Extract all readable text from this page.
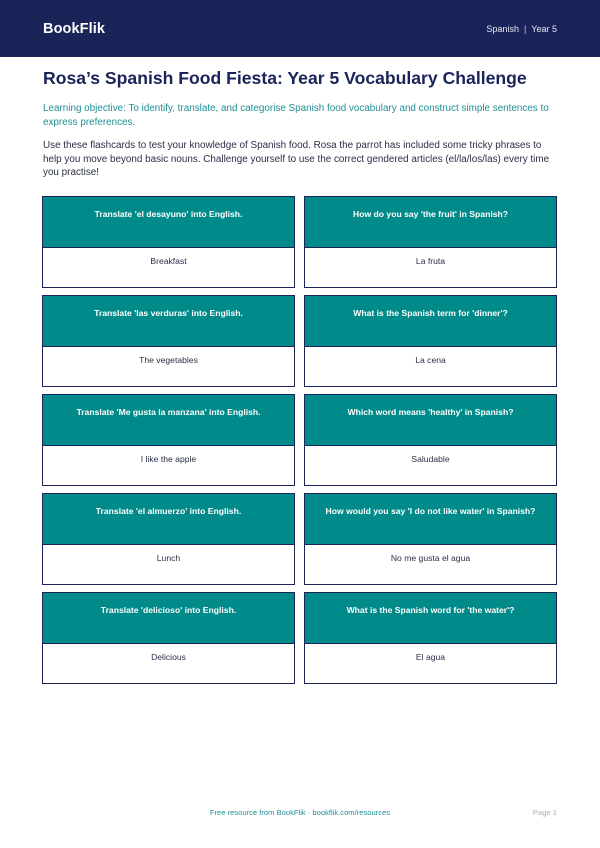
BookFlik	Spanish | Year 5
Rosa’s Spanish Food Fiesta: Year 5 Vocabulary Challenge

Learning objective: To identify, translate, and categorise Spanish food vocabulary and construct simple sentences to express preferences.

Use these flashcards to test your knowledge of Spanish food. Rosa the parrot has included some tricky phrases to help you move beyond basic nouns. Challenge yourself to use the correct gendered articles (el/la/los/las) every time you practise!

Translate 'el desayuno' into English.
Breakfast
How do you say 'the fruit' in Spanish?
La fruta
Translate 'las verduras' into English.
The vegetables
What is the Spanish term for 'dinner'?
La cena
Translate 'Me gusta la manzana' into English.
I like the apple
Which word means 'healthy' in Spanish?
Saludable
Translate 'el almuerzo' into English.
Lunch
How would you say 'I do not like water' in Spanish?
No me gusta el agua
Translate 'delicioso' into English.
Delicious
What is the Spanish word for 'the water'?
El agua
Free resource from BookFlik · bookflik.com/resources	Page 1
